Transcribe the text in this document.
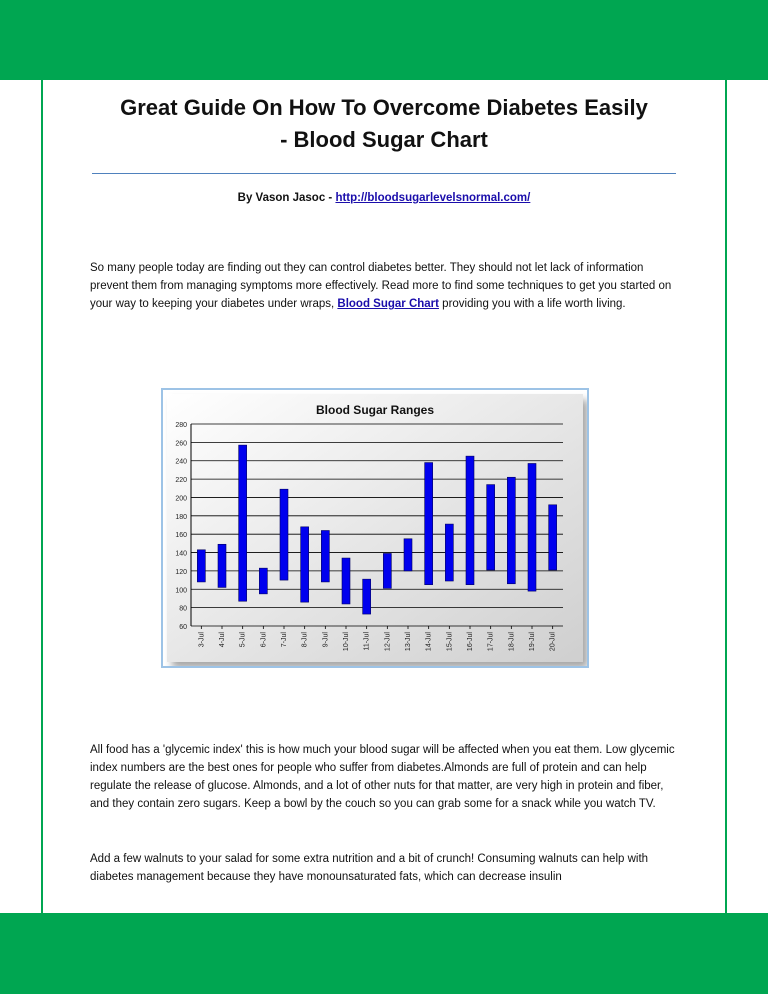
Great Guide On How To Overcome Diabetes Easily
- Blood Sugar Chart
By Vason Jasoc - http://bloodsugarlevelsnormal.com/
So many people today are finding out they can control diabetes better. They should not let lack of information prevent them from managing symptoms more effectively. Read more to find some techniques to get you started on your way to keeping your diabetes under wraps, Blood Sugar Chart providing you with a life worth living.
Blood Sugar Ranges
60
80
100
120
140
160
180
200
220
240
260
280
3-Jul 4-Jul 5-Jul 6-Jul 7-Jul 8-Jul 9-Jul 10-Jul 11-Jul 12-Jul 13-Jul 14-Jul 15-Jul 16-Jul 17-Jul 18-Jul 19-Jul 20-Jul
All food has a 'glycemic index' this is how much your blood sugar will be affected when you eat them. Low glycemic index numbers are the best ones for people who suffer from diabetes.Almonds are full of protein and can help regulate the release of glucose. Almonds, and a lot of other nuts for that matter, are very high in protein and fiber, and they contain zero sugars. Keep a bowl by the couch so you can grab some for a snack while you watch TV.
Add a few walnuts to your salad for some extra nutrition and a bit of crunch! Consuming walnuts can help with diabetes management because they have monounsaturated fats, which can decrease insulin
